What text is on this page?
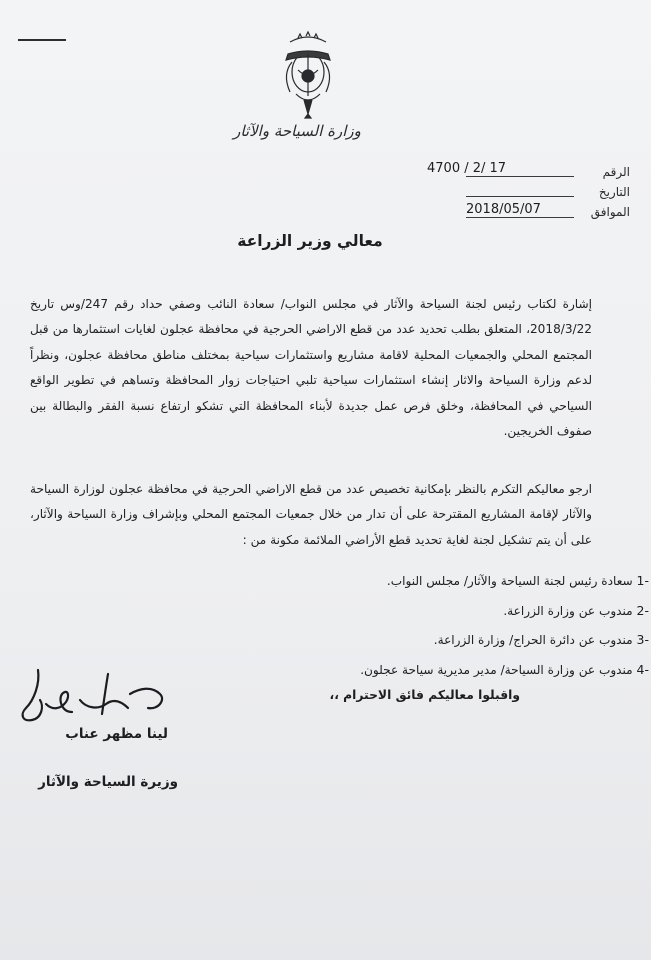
وزارة السياحة والآثار
الرقم
4700 / 2/ 17
التاريخ
الموافق
2018/05/07
معالي وزير الزراعة
إشارة لكتاب رئيس لجنة السياحة والآثار في مجلس النواب/ سعادة النائب وصفي حداد رقم 247/وس تاريخ 2018/3/22، المتعلق بطلب تحديد عدد من قطع الاراضي الحرجية في محافظة عجلون لغايات استثمارها من قبل المجتمع المحلي والجمعيات المحلية لاقامة مشاريع واستثمارات سياحية بمختلف مناطق محافظة عجلون، ونظراً لدعم وزارة السياحة والاثار إنشاء استثمارات سياحية تلبي احتياجات زوار المحافظة وتساهم في تطوير الواقع السياحي في المحافظة، وخلق فرص عمل جديدة لأبناء المحافظة التي تشكو ارتفاع نسبة الفقر والبطالة بين صفوف الخريجين.
ارجو معاليكم التكرم بالنظر بإمكانية تخصيص عدد من قطع الاراضي الحرجية في محافظة عجلون لوزارة السياحة والآثار لإقامة المشاريع المقترحة على أن تدار من خلال جمعيات المجتمع المحلي وبإشراف وزارة السياحة والآثار، على أن يتم تشكيل لجنة لغاية تحديد قطع الأراضي الملائمة مكونة من :
1- سعادة رئيس لجنة السياحة والآثار/ مجلس النواب.
2- مندوب عن وزارة الزراعة.
3- مندوب عن دائرة الحراج/ وزارة الزراعة.
4- مندوب عن وزارة السياحة/ مدير مديرية سياحة عجلون.
واقبلوا معاليكم فائق الاحترام ،،
لينا مظهر عناب
وزيرة السياحة والآثار
